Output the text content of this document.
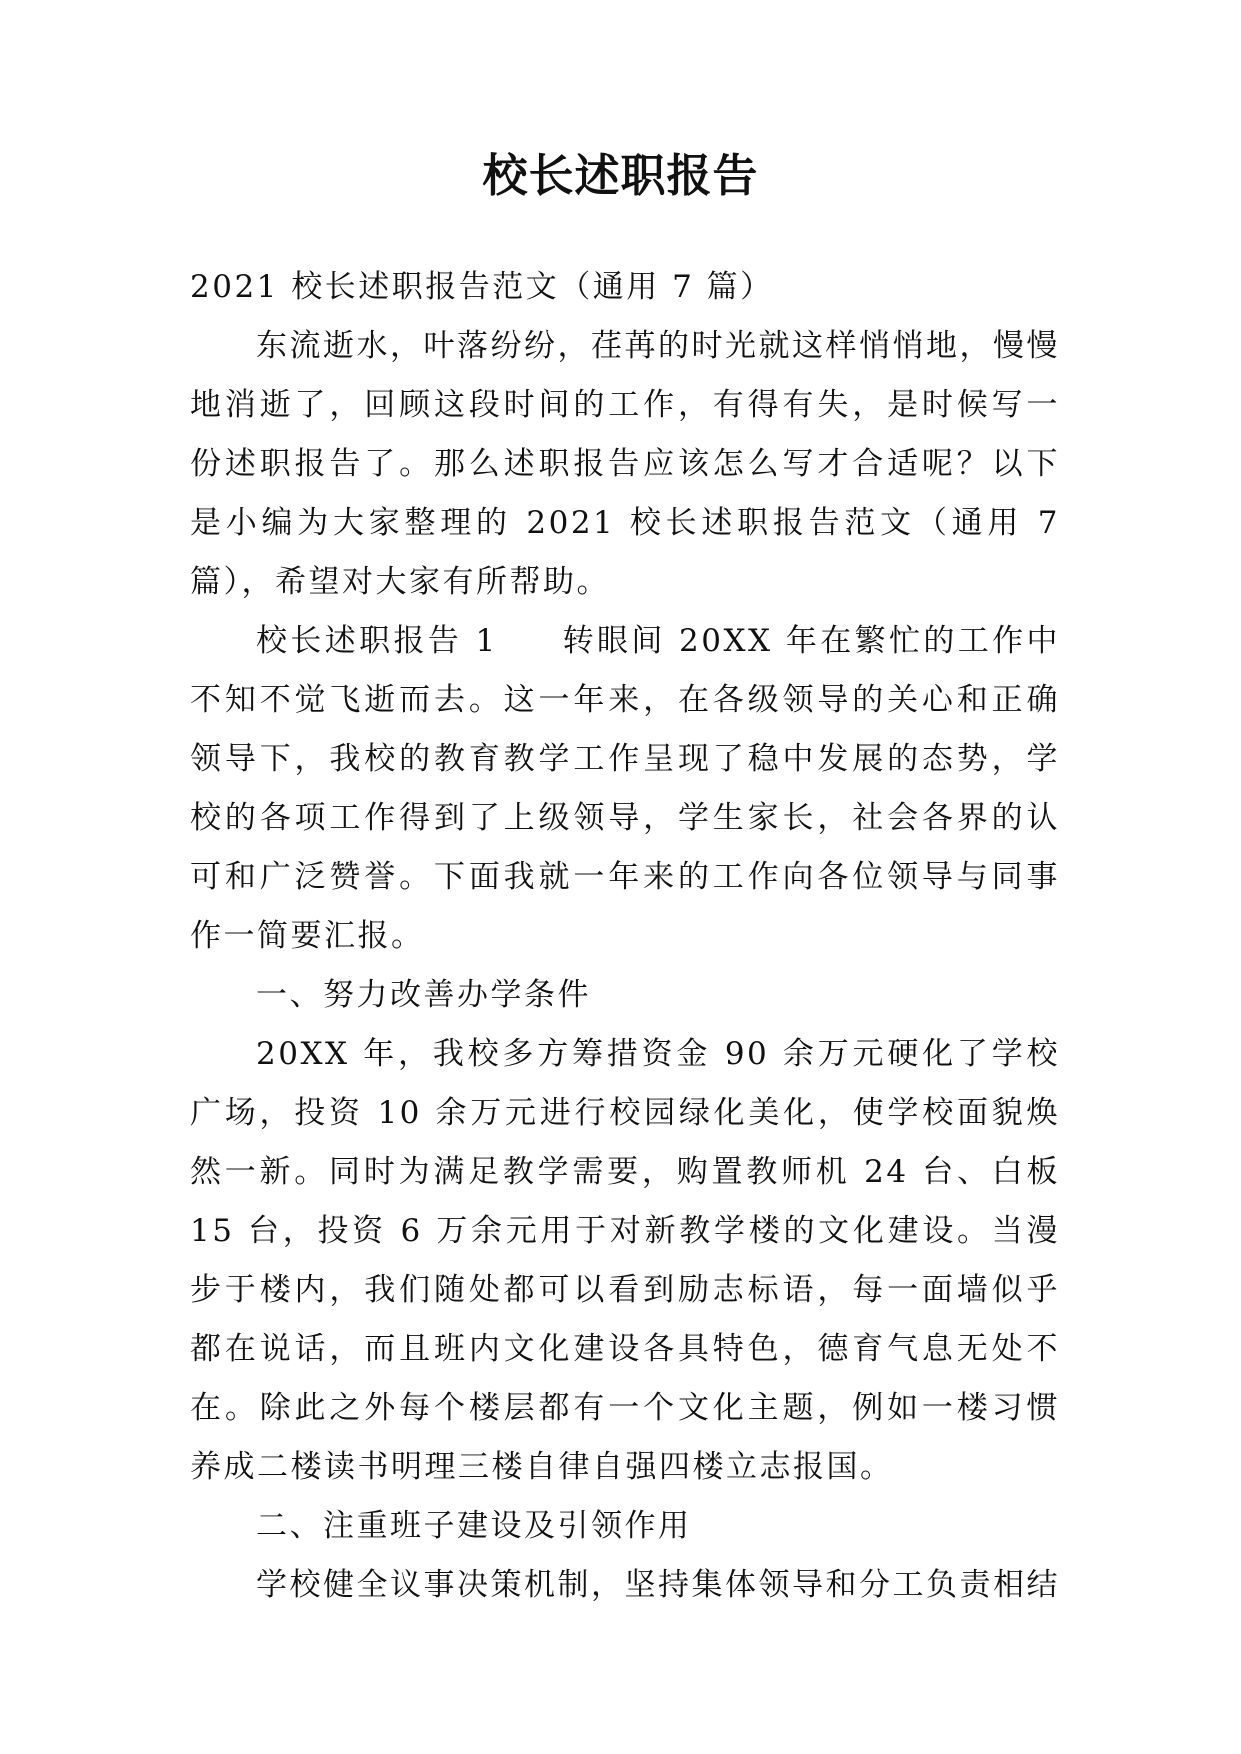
校长述职报告

2021 校长述职报告范文（通用 7 篇）

东流逝水，叶落纷纷，荏苒的时光就这样悄悄地，慢慢地消逝了，回顾这段时间的工作，有得有失，是时候写一份述职报告了。那么述职报告应该怎么写才合适呢？以下是小编为大家整理的 2021 校长述职报告范文（通用 7 篇），希望对大家有所帮助。

校长述职报告 1 转眼间 20XX 年在繁忙的工作中不知不觉飞逝而去。这一年来，在各级领导的关心和正确领导下，我校的教育教学工作呈现了稳中发展的态势，学校的各项工作得到了上级领导，学生家长，社会各界的认可和广泛赞誉。下面我就一年来的工作向各位领导与同事作一简要汇报。

一、努力改善办学条件

20XX 年，我校多方筹措资金 90 余万元硬化了学校广场，投资 10 余万元进行校园绿化美化，使学校面貌焕然一新。同时为满足教学需要，购置教师机 24 台、白板 15 台，投资 6 万余元用于对新教学楼的文化建设。当漫步于楼内，我们随处都可以看到励志标语，每一面墙似乎都在说话，而且班内文化建设各具特色，德育气息无处不在。除此之外每个楼层都有一个文化主题，例如一楼习惯养成二楼读书明理三楼自律自强四楼立志报国。

二、注重班子建设及引领作用

学校健全议事决策机制，坚持集体领导和分工负责相结
